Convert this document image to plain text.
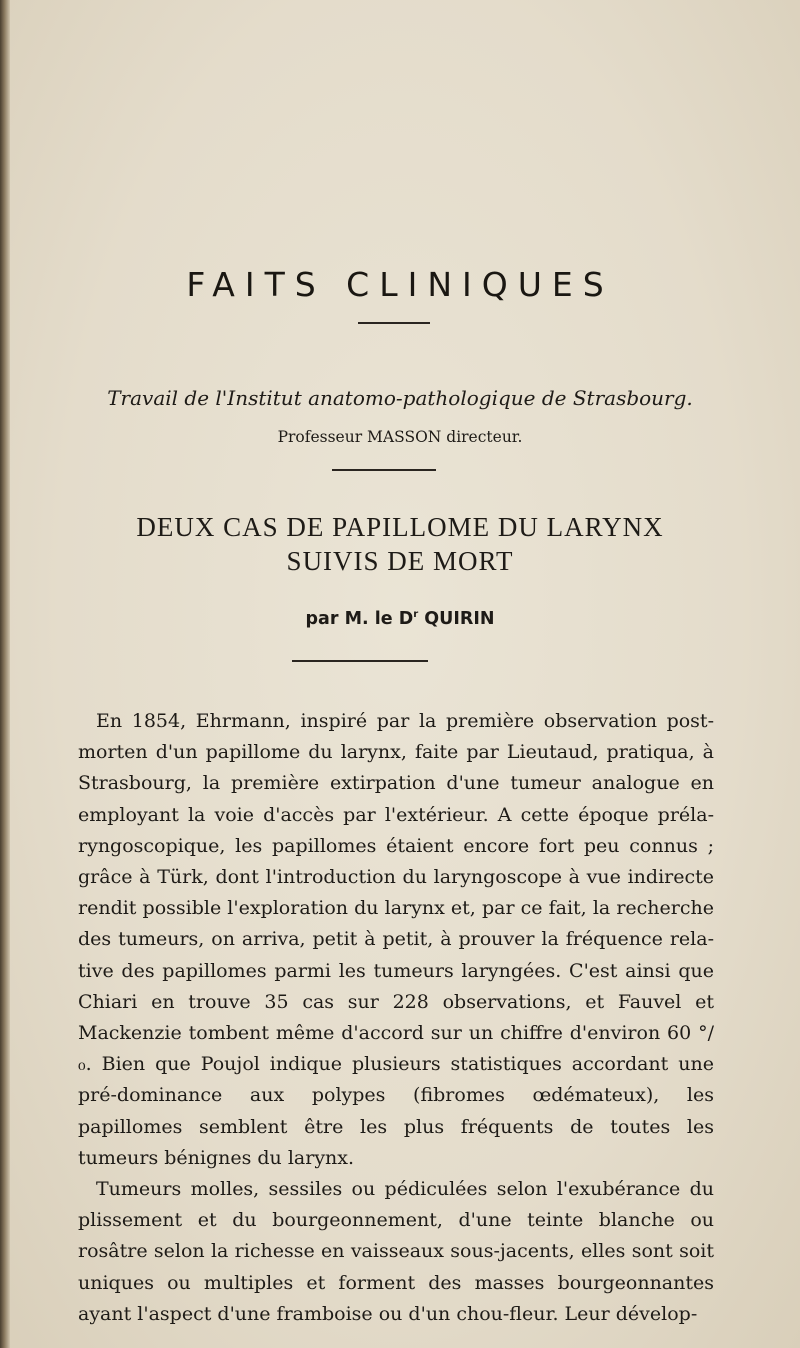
FAITS CLINIQUES
Travail de l'Institut anatomo-pathologique de Strasbourg.
Professeur MASSON directeur.
DEUX CAS DE PAPILLOME DU LARYNX
SUIVIS DE MORT
par M. le $D^r$ QUIRIN

En 1854, Ehrmann, inspiré par la première observation post-morten d'un papillome du larynx, faite par Lieutaud, pratiqua, à Strasbourg, la première extirpation d'une tumeur analogue en employant la voie d'accès par l'extérieur. A cette époque préla-ryngoscopique, les papillomes étaient encore fort peu connus ; grâce à Türk, dont l'introduction du laryngoscope à vue indirecte rendit possible l'exploration du larynx et, par ce fait, la recherche des tumeurs, on arriva, petit à petit, à prouver la fréquence rela-tive des papillomes parmi les tumeurs laryngées. C'est ainsi que Chiari en trouve 35 cas sur 228 observations, et Fauvel et Mackenzie tombent même d'accord sur un chiffre d'environ 60 °/₀. Bien que Poujol indique plusieurs statistiques accordant une pré-dominance aux polypes (fibromes œdémateux), les papillomes semblent être les plus fréquents de toutes les tumeurs bénignes du larynx.

Tumeurs molles, sessiles ou pédiculées selon l'exubérance du plissement et du bourgeonnement, d'une teinte blanche ou rosâtre selon la richesse en vaisseaux sous-jacents, elles sont soit uniques ou multiples et forment des masses bourgeonnantes ayant l'aspect d'une framboise ou d'un chou-fleur. Leur dévelop-
